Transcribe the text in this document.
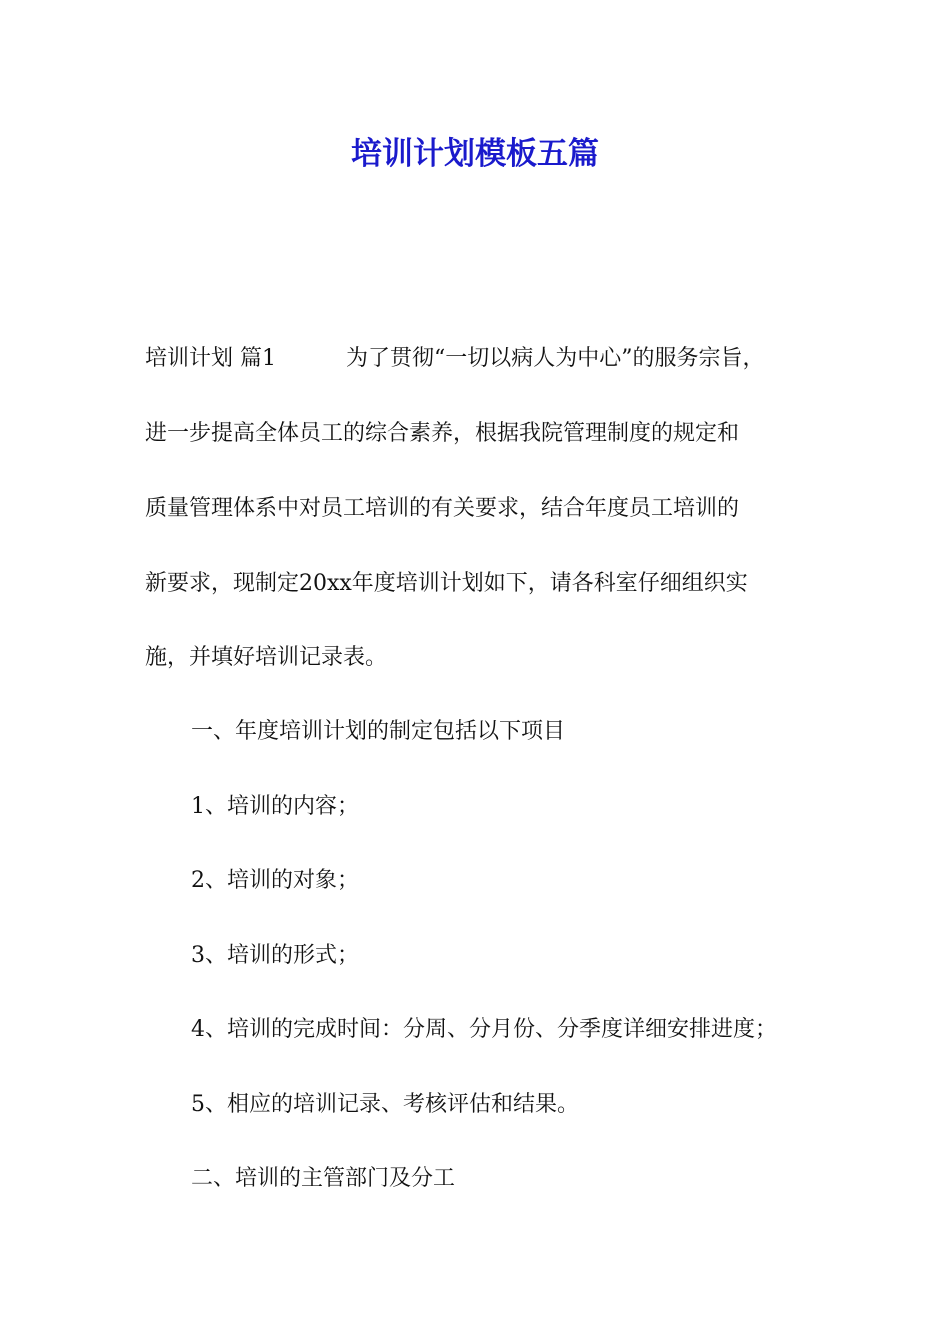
培训计划模板五篇
培训计划 篇1	为了贯彻“一切以病人为中心”的服务宗旨，
进一步提高全体员工的综合素养，根据我院管理制度的规定和
质量管理体系中对员工培训的有关要求，结合年度员工培训的
新要求，现制定20xx年度培训计划如下，请各科室仔细组织实
施，并填好培训记录表。
一、年度培训计划的制定包括以下项目
1、培训的内容；
2、培训的对象；
3、培训的形式；
4、培训的完成时间：分周、分月份、分季度详细安排进度；
5、相应的培训记录、考核评估和结果。
二、培训的主管部门及分工
